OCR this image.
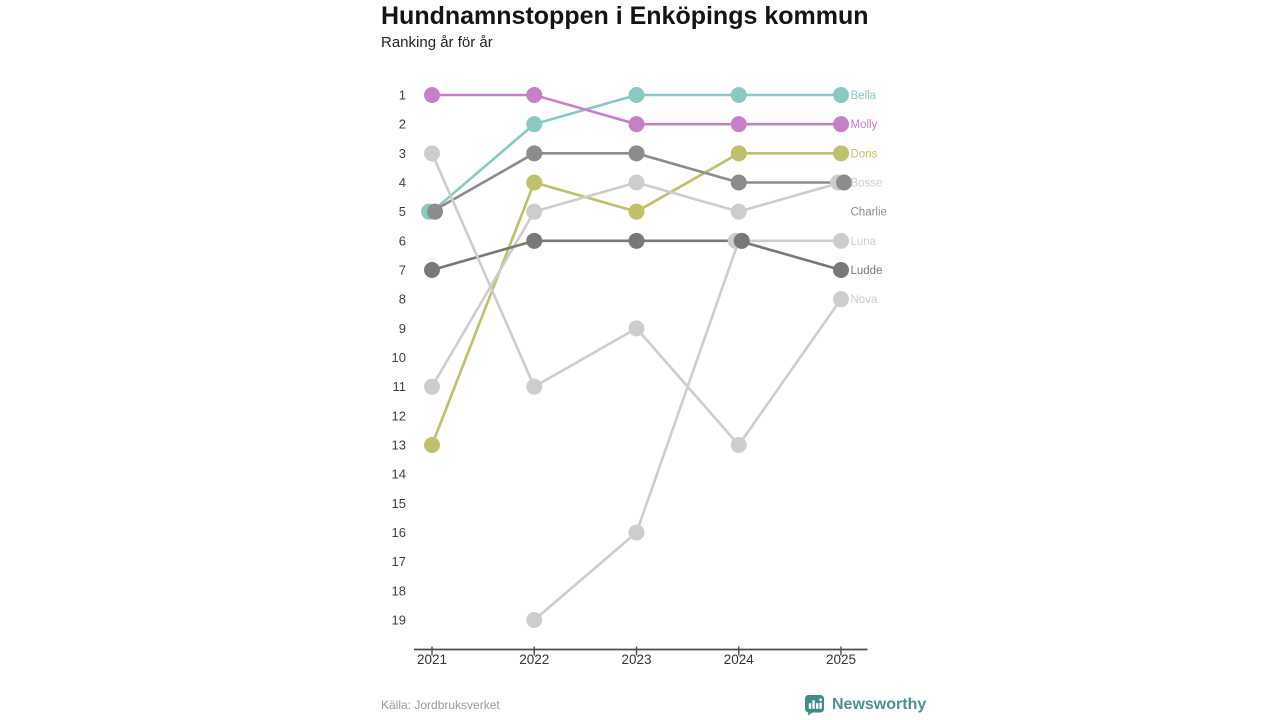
Hundnamnstoppen i Enköpings kommun
Ranking år för år
1
2
3
4
5
6
7
8
9
10
11
12
13
14
15
16
17
18
19
2021	2022	2023	2024	2025
Bella
Molly
Doris
Bosse
Charlie
Luna
Ludde
Nova
Källa: Jordbruksverket	Newsworthy
